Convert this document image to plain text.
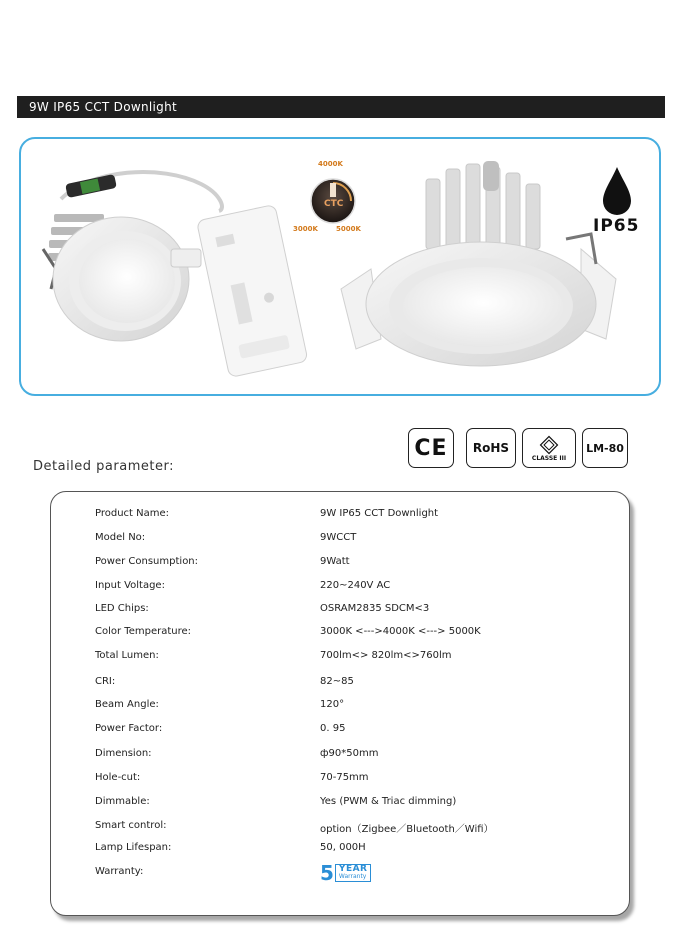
9W IP65 CCT Downlight
4000K
CTC
3000K	5000K	IP65
CE RoHS
CLASSE III
LM-80
Detailed parameter:
Product Name:	9W IP65 CCT Downlight
Model No:	9WCCT
Power Consumption:	9Watt
Input Voltage:	220~240V AC
LED Chips:	OSRAM2835 SDCM<3
Color Temperature:	3000K <--->4000K <---> 5000K
Total Lumen:	700lm<> 820lm<>760lm
CRI:	82~85
Beam Angle:	120°
Power Factor:	0. 95
Dimension:	ф90*50mm
Hole-cut:	70-75mm
Dimmable:	Yes (PWM & Triac dimming)
Smart control:	option（Zigbee／Bluetooth／Wifi）
Lamp Lifespan:	50, 000H
Warranty:	5 YEAR
Warranty
